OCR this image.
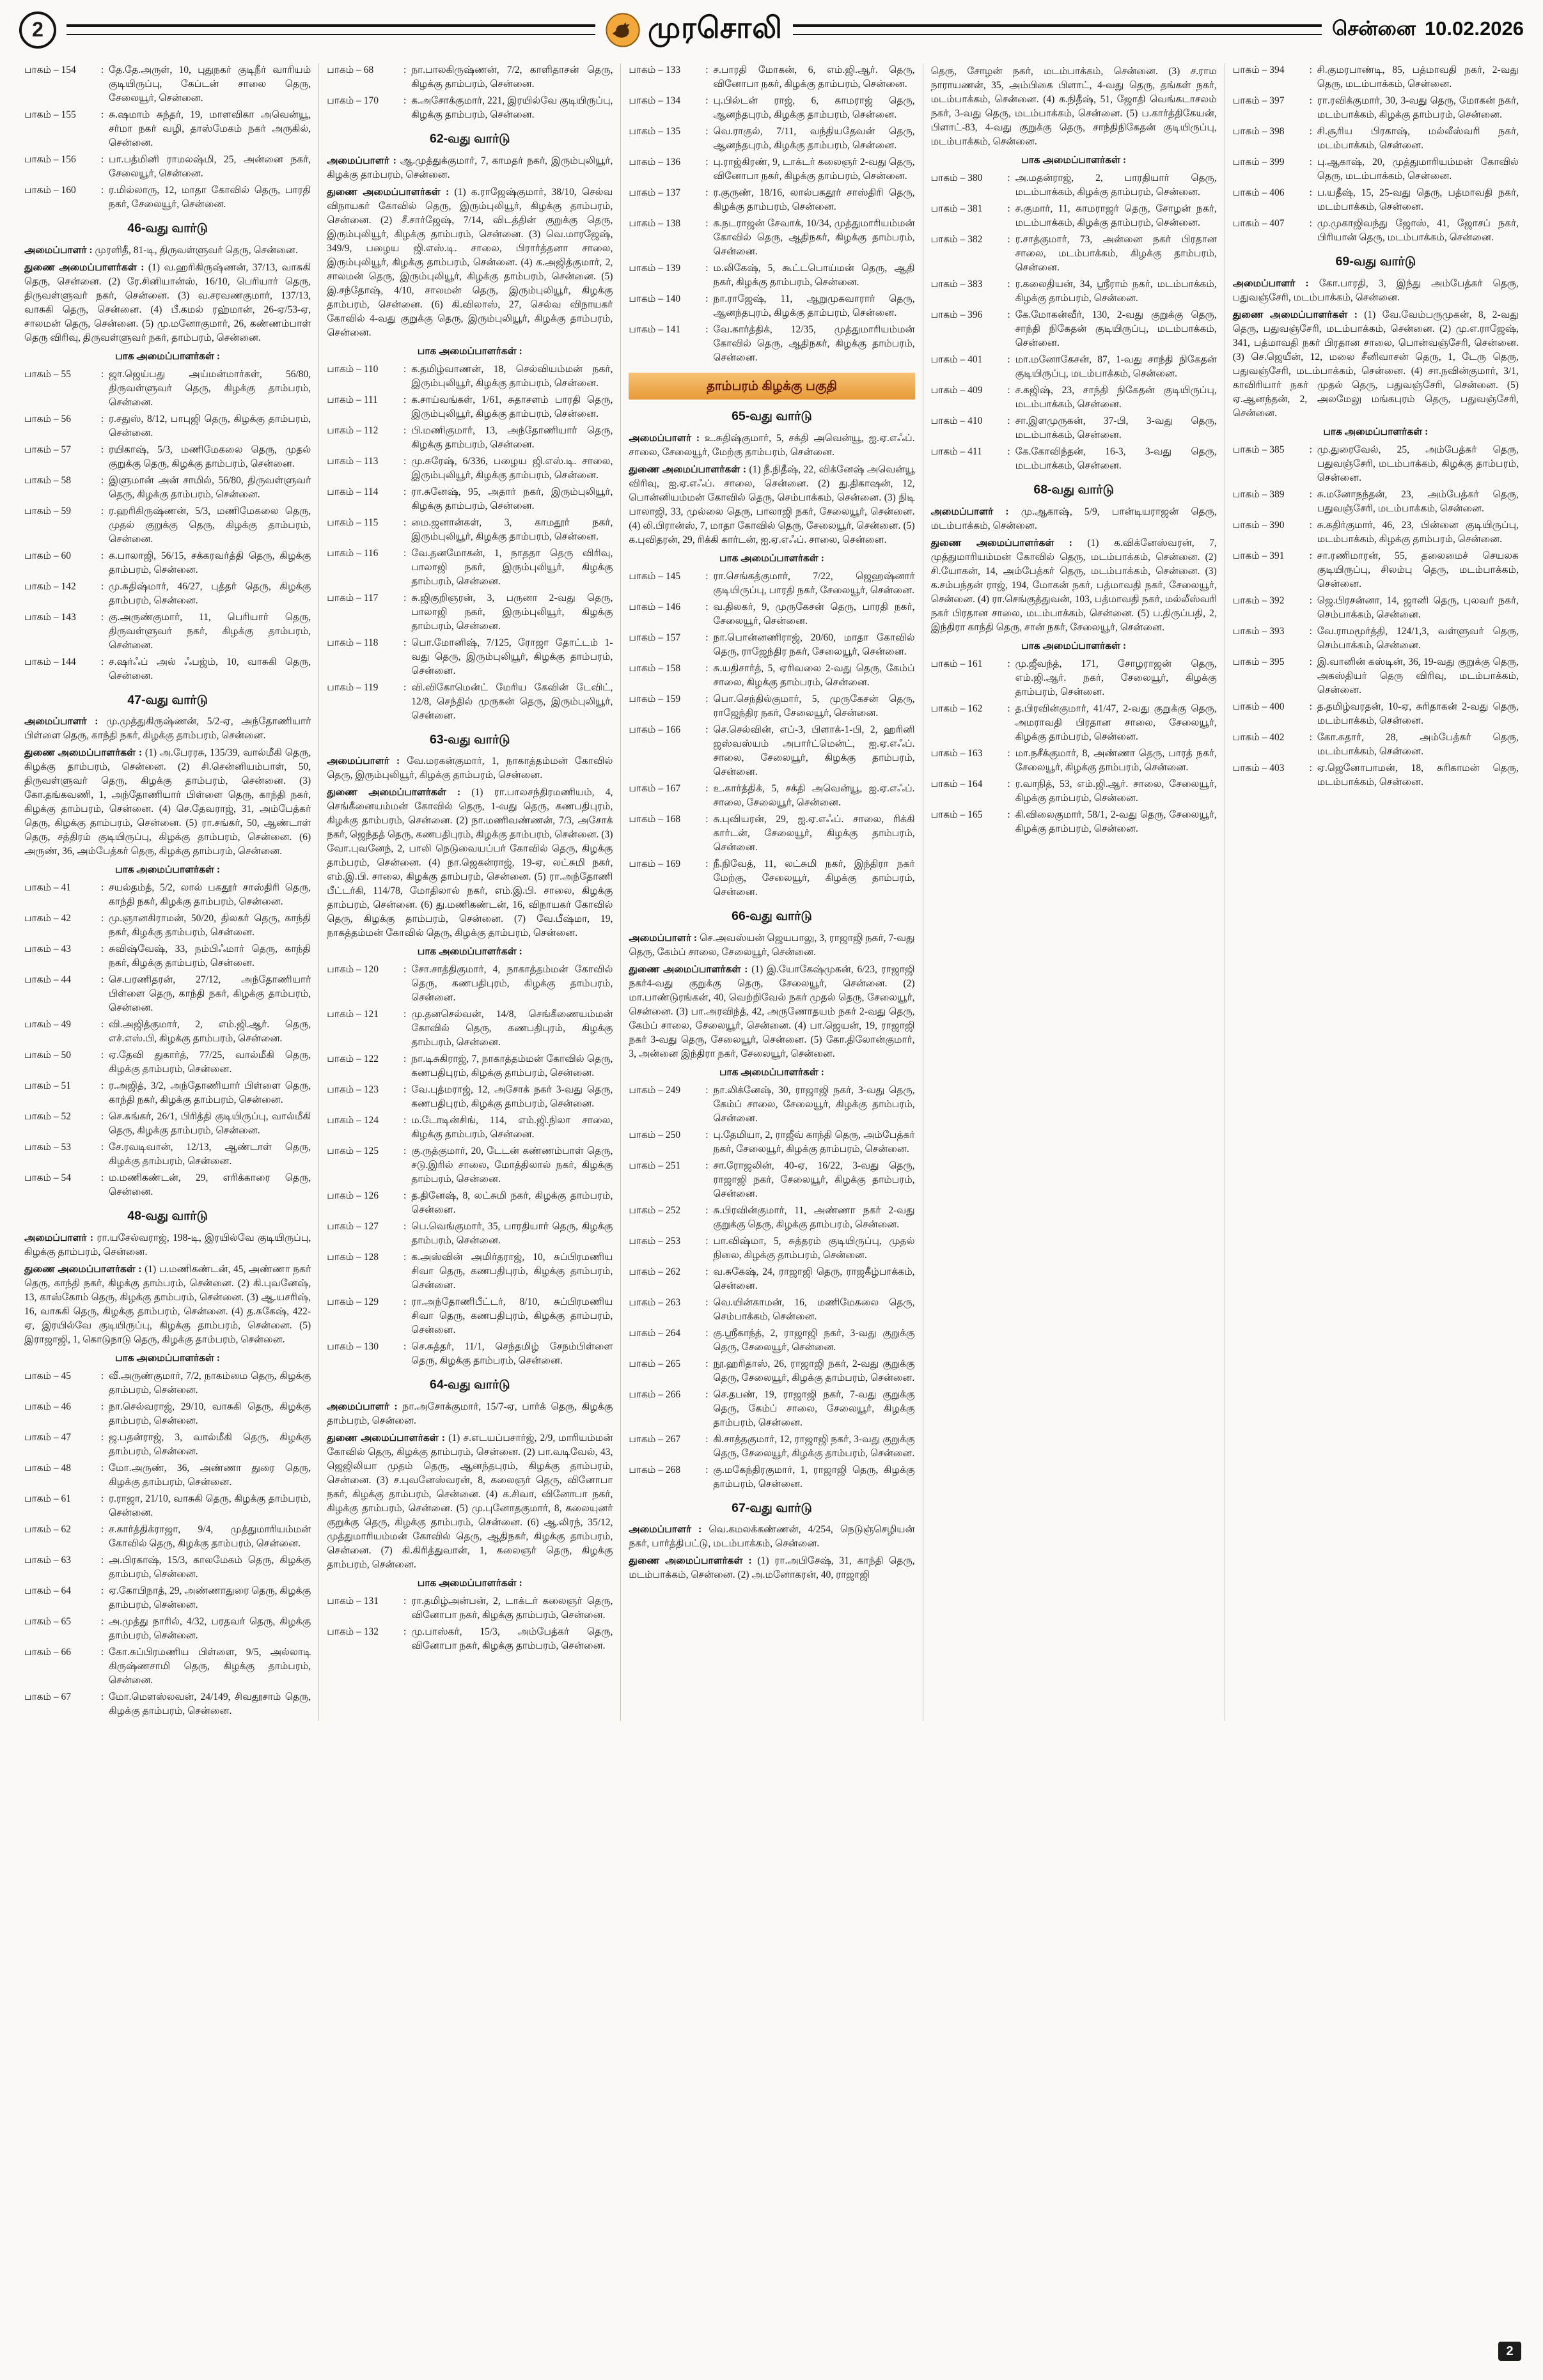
2	முரசொலி	சென்னை 10.02.2026
பாகம் – 154	: தே.தே.அருள், 10, புதுநகர் குடிநீர் வாரியம் குடியிருப்பு, கேப்டன் சாலை தெரு, சேலையூர், சென்னை.
பாகம் – 155	: சு.ஷமாம் சுந்தர், 19, மாளவிகா அவென்யூ, சர்மா நகர் வழி, தாஸ்மேகம் நகர் அருகில், சென்னை.
பாகம் – 156	: பா.பத்மினி ராமலஷ்மி, 25, அன்னை நகர், சேலையூர், சென்னை.
பாகம் – 160	: ர.மில்லாரு, 12, மாதா கோவில் தெரு, பாரதி நகர், சேலையூர், சென்னை.
46-வது வார்டு
அமைப்பாளர் : முரளிதீ, 81-டி, திருவள்ளுவர் தெரு, சென்னை.
துணை அமைப்பாளர்கள் : (1) வ.ஹரிகிருஷ்ணன், 37/13, வாசுகி தெரு, சென்னை. (2) ரே.சினியான்ஸ், 16/10, பெரியார் தெரு, திருவள்ளுவர் நகர், சென்னை. (3) வ.சரவணகுமார், 137/13, வாசுகி தெரு, சென்னை. (4) பீ.கமல் ரஹ்மான், 26-ஏ/53-ஏ, சாலமன் தெரு, சென்னை. (5) மு.மனோகுமார், 26, கண்ணம்பாள் தெரு விரிவு, திருவள்ளுவர் நகர், தாம்பரம், சென்னை.
பாக அமைப்பாளர்கள் :
பாகம் – 55	: ஜா.ஜெய்பது அய்மன்மார்கள், 56/80, திருவள்ளுவர் தெரு, கிழக்கு தாம்பரம், சென்னை.
பாகம் – 56	: ர.சதுஸ், 8/12, பாபுஜி தெரு, கிழக்கு தாம்பரம், சென்னை.
பாகம் – 57	: ரயிகாஷ், 5/3, மணிமேகலை தெரு, முதல் குறுக்கு தெரு, கிழக்கு தாம்பரம், சென்னை.
பாகம் – 58	: இளுமான் அன் சாமில், 56/80, திருவள்ளுவர் தெரு, கிழக்கு தாம்பரம், சென்னை.
பாகம் – 59	: ர.ஹரிகிருஷ்ணன், 5/3, மணிமேகலை தெரு, முதல் குறுக்கு தெரு, கிழக்கு தாம்பரம், சென்னை.
பாகம் – 60	: க.பாலாஜி, 56/15, சக்கரவர்த்தி தெரு, கிழக்கு தாம்பரம், சென்னை.
பாகம் – 142	: மு.சுதிஷ்மார், 46/27, புத்தர் தெரு, கிழக்கு தாம்பரம், சென்னை.
பாகம் – 143	: கு.அருண்குமார், 11, பெரியார் தெரு, திருவள்ளுவர் நகர், கிழக்கு தாம்பரம், சென்னை.
பாகம் – 144	: ச.ஷர்ஃப் அல் ஃபஜ்ம், 10, வாசுகி தெரு, சென்னை.
47-வது வார்டு
அமைப்பாளர் : மு.முத்துகிருஷ்ணன், 5/2-ஏ, அந்தோணியார் பிள்ளை தெரு, காந்தி நகர், கிழக்கு தாம்பரம், சென்னை.
துணை அமைப்பாளர்கள் : (1) அ.பேரரசு, 135/39, வால்மீகி தெரு, கிழக்கு தாம்பரம், சென்னை. (2) சி.சென்னியம்பாள், 50, திருவள்ளுவர் தெரு, கிழக்கு தாம்பரம், சென்னை. (3) கோ.தங்கவணி, 1, அந்தோணியார் பிள்ளை தெரு, காந்தி நகர், கிழக்கு தாம்பரம், சென்னை. (4) செ.தேவராஜ், 31, அம்பேத்கர் தெரு, கிழக்கு தாம்பரம், சென்னை. (5) ரா.சங்கர், 50, ஆண்டாள் தெரு, சத்திரம் குடியிருப்பு, கிழக்கு தாம்பரம், சென்னை. (6) அருண், 36, அம்பேத்கர் தெரு, கிழக்கு தாம்பரம், சென்னை.
பாக அமைப்பாளர்கள் :
பாகம் – 41	: சயல்தம்த், 5/2, லால் பகதூர் சாஸ்திரி தெரு, காந்தி நகர், கிழக்கு தாம்பரம், சென்னை.
பாகம் – 42	: மு.ஞானகிராமன், 50/20, திலகர் தெரு, காந்தி நகர், கிழக்கு தாம்பரம், சென்னை.
பாகம் – 43	: சுவிஷ்வேஷ், 33, நம்பிஃமார் தெரு, காந்தி நகர், கிழக்கு தாம்பரம், சென்னை.
பாகம் – 44	: செ.பரணிதரன், 27/12, அந்தோணியார் பிள்ளை தெரு, காந்தி நகர், கிழக்கு தாம்பரம், சென்னை.
பாகம் – 49	: வி.அஜித்குமார், 2, எம்.ஜி.ஆர். தெரு, எச்.எஸ்.பி, கிழக்கு தாம்பரம், சென்னை.
பாகம் – 50	: ஏ.தேவி துகார்த், 77/25, வால்மீகி தெரு, கிழக்கு தாம்பரம், சென்னை.
பாகம் – 51	: ர.அஜித், 3/2, அந்தோணியார் பிள்ளை தெரு, காந்தி நகர், கிழக்கு தாம்பரம், சென்னை.
பாகம் – 52	: செ.சுங்கர், 26/1, பிரித்தி குடியிருப்பு, வால்மீகி தெரு, கிழக்கு தாம்பரம், சென்னை.
பாகம் – 53	: சே.ரவடிவான், 12/13, ஆண்டாள் தெரு, கிழக்கு தாம்பரம், சென்னை.
பாகம் – 54	: ம.மணிகண்டன், 29, எரிக்காரை தெரு, சென்னை.
48-வது வார்டு
அமைப்பாளர் : ரா.யசேல்வராஜ், 198-டி, இரயில்வே குடியிருப்பு, கிழக்கு தாம்பரம், சென்னை.
துணை அமைப்பாளர்கள் : (1) ப.மணிகண்டன், 45, அண்ணா நகர் தெரு, காந்தி நகர், கிழக்கு தாம்பரம், சென்னை. (2) கி.புவனேஷ், 13, காஸ்கோம் தெரு, கிழக்கு தாம்பரம், சென்னை. (3) ஆ.யசரிஷ், 16, வாசுகி தெரு, கிழக்கு தாம்பரம், சென்னை. (4) த.சுகேஷ், 422-ஏ, இரயில்வே குடியிருப்பு, கிழக்கு தாம்பரம், சென்னை. (5) இராஜாஜி, 1, கொடுநாடு தெரு, கிழக்கு தாம்பரம், சென்னை.
பாக அமைப்பாளர்கள் :
பாகம் – 45	: வீ.அருண்குமார், 7/2, நாகம்மை தெரு, கிழக்கு தாம்பரம், சென்னை.
பாகம் – 46	: நா.செல்வராஜ், 29/10, வாசுகி தெரு, கிழக்கு தாம்பரம், சென்னை.
பாகம் – 47	: ஜ.பதன்ராஜ், 3, வால்மீகி தெரு, கிழக்கு தாம்பரம், சென்னை.
பாகம் – 48	: மோ.அருண், 36, அண்ணா துரை தெரு, கிழக்கு தாம்பரம், சென்னை.
பாகம் – 61	: ர.ராஜா, 21/10, வாசுகி தெரு, கிழக்கு தாம்பரம், சென்னை.
பாகம் – 62	: ச.கார்த்திக்ராஜா, 9/4, முத்துமாரியம்மன் கோவில் தெரு, கிழக்கு தாம்பரம், சென்னை.
பாகம் – 63	: அ.பிரகாஷ், 15/3, காலமேகம் தெரு, கிழக்கு தாம்பரம், சென்னை.
பாகம் – 64	: ஏ.கோபிநாத், 29, அண்ணாதுரை தெரு, கிழக்கு தாம்பரம், சென்னை.
பாகம் – 65	: அ.முத்து நாரில், 4/32, பரதவர் தெரு, கிழக்கு தாம்பரம், சென்னை.
பாகம் – 66	: கோ.சுப்பிரமணிய பிள்ளை, 9/5, அல்லாடி கிருஷ்ணசாமி தெரு, கிழக்கு தாம்பரம், சென்னை.
பாகம் – 67	: மோ.மௌஸ்லவன், 24/149, சிவதூசாம் தெரு, கிழக்கு தாம்பரம், சென்னை.
பாகம் – 68	: நா.பாலகிருஷ்ணன், 7/2, காளிதாசன் தெரு, கிழக்கு தாம்பரம், சென்னை.
பாகம் – 170	: க.அசோக்குமார், 221, இரயில்வே குடியிருப்பு, கிழக்கு தாம்பரம், சென்னை.
62-வது வார்டு
அமைப்பாளர் : ஆ.முத்துக்குமார், 7, காமதர் நகர், இரும்புலியூர், கிழக்கு தாம்பரம், சென்னை.
துணை அமைப்பாளர்கள் : (1) க.ராஜேஷ்குமார், 38/10, செல்வ விநாயகர் கோவில் தெரு, இரும்புலியூர், கிழக்கு தாம்பரம், சென்னை. (2) சீ.சார்ஜேஷ், 7/14, விடத்தின் குறுக்கு தெரு, இரும்புலியூர், கிழக்கு தாம்பரம், சென்னை. (3) வெ.மாரஜேஷ், 349/9, பழைய ஜி.எஸ்.டி. சாலை, பிரார்த்தனா சாலை, இரும்புலியூர், கிழக்கு தாம்பரம், சென்னை. (4) க.அஜித்குமார், 2, சாலமன் தெரு, இரும்புலியூர், கிழக்கு தாம்பரம், சென்னை. (5) இ.சந்தோஷ், 4/10, சாலமன் தெரு, இரும்புலியூர், கிழக்கு தாம்பரம், சென்னை. (6) கி.விலாஸ், 27, செல்வ விநாயகர் கோவில் 4-வது குறுக்கு தெரு, இரும்புலியூர், கிழக்கு தாம்பரம், சென்னை.
பாக அமைப்பாளர்கள் :
பாகம் – 110	: க.தமிழ்வாணன், 18, செல்வியம்மன் நகர், இரும்புலியூர், கிழக்கு தாம்பரம், சென்னை.
பாகம் – 111	: க.சாய்வங்கள், 1/61, சுதாசளம் பாரதி தெரு, இரும்புலியூர், கிழக்கு தாம்பரம், சென்னை.
பாகம் – 112	: பி.மணிகுமார், 13, அந்தோணியார் தெரு, கிழக்கு தாம்பரம், சென்னை.
பாகம் – 113	: மு.சுரேஷ், 6/336, பழைய ஜி.எஸ்.டி. சாலை, இரும்புலியூர், கிழக்கு தாம்பரம், சென்னை.
பாகம் – 114	: ரா.சுனேஷ், 95, அதார் நகர், இரும்புலியூர், கிழக்கு தாம்பரம், சென்னை.
பாகம் – 115	: மை.ஜனான்கள், 3, காமதூர் நகர், இரும்புலியூர், கிழக்கு தாம்பரம், சென்னை.
பாகம் – 116	: வே.தனமோகன், 1, நாததா தெரு விரிவு, பாலாஜி நகர், இரும்புலியூர், கிழக்கு தாம்பரம், சென்னை.
பாகம் – 117	: சு.ஜிகுறிஞரன், 3, பருனா 2-வது தெரு, பாலாஜி நகர், இரும்புலியூர், கிழக்கு தாம்பரம், சென்னை.
பாகம் – 118	: பொ.மோனிஷ், 7/125, ரோஜா தோட்டம் 1-வது தெரு, இரும்புலியூர், கிழக்கு தாம்பரம், சென்னை.
பாகம் – 119	: வி.விகோமென்ட் மேரிய கேவின் டேவிட், 12/8, செந்தில் முருகன் தெரு, இரும்புலியூர், சென்னை.
63-வது வார்டு
அமைப்பாளர் : வே.மரகன்குமார், 1, நாகாத்தம்மன் கோவில் தெரு, இரும்புலியூர், கிழக்கு தாம்பரம், சென்னை.
துணை அமைப்பாளர்கள் : (1) ரா.பாலசந்திரமணியம், 4, செங்கீனையம்மன் கோவில் தெரு, 1-வது தெரு, கணபதிபுரம், கிழக்கு தாம்பரம், சென்னை. (2) நா.மணிவண்ணன், 7/3, அசோக் நகர், ஜெந்தத் தெரு, கணபதிபுரம், கிழக்கு தாம்பரம், சென்னை. (3) வோ.புவனேந், 2, பாலி நெடுவையப்பர் கோவில் தெரு, கிழக்கு தாம்பரம், சென்னை. (4) நா.ஜெகன்ராஜ், 19-ஏ, லட்சுமி நகர், எம்.இ.பி. சாலை, கிழக்கு தாம்பரம், சென்னை. (5) ரா.அந்தோணி பீட்டர்கி, 114/78, மோதிலால் நகர், எம்.இ.பி. சாலை, கிழக்கு தாம்பரம், சென்னை. (6) து.மணிகண்டன், 16, விநாயகர் கோவில் தெரு, கிழக்கு தாம்பரம், சென்னை. (7) வே.பீஷ்மா, 19, நாகத்தம்மன் கோவில் தெரு, கிழக்கு தாம்பரம், சென்னை.
பாக அமைப்பாளர்கள் :
பாகம் – 120	: சோ.சாத்திகுமார், 4, நாகாத்தம்மன் கோவில் தெரு, கணபதிபுரம், கிழக்கு தாம்பரம், சென்னை.
பாகம் – 121	: மு.தனசெல்வன், 14/8, செங்கீணையம்மன் கோவில் தெரு, கணபதிபுரம், கிழக்கு தாம்பரம், சென்னை.
பாகம் – 122	: நா.டிசுகிராஜ், 7, நாகாத்தம்மன் கோவில் தெரு, கணபதிபுரம், கிழக்கு தாம்பரம், சென்னை.
பாகம் – 123	: வே.புத்மராஜ், 12, அசோக் நகர் 3-வது தெரு, கணபதிபுரம், கிழக்கு தாம்பரம், சென்னை.
பாகம் – 124	: ம.டோடின்சிங், 114, எம்.ஜி.நிலா சாலை, கிழக்கு தாம்பரம், சென்னை.
பாகம் – 125	: கு.ருத்குமார், 20, டேடன் கண்ணம்பாள் தெரு, சடு.இரில் சாலை, மோத்திலால் நகர், கிழக்கு தாம்பரம், சென்னை.
பாகம் – 126	: த.தினேஷ், 8, லட்சுமி நகர், கிழக்கு தாம்பரம், சென்னை.
பாகம் – 127	: பெ.வெங்குமார், 35, பாரதியார் தெரு, கிழக்கு தாம்பரம், சென்னை.
பாகம் – 128	: க.அஸ்வின் அமிர்தராஜ், 10, சுப்பிரமணிய சிவா தெரு, கணபதிபுரம், கிழக்கு தாம்பரம், சென்னை.
பாகம் – 129	: ரா.அந்தோணிபீட்டர், 8/10, சுப்பிரமணிய சிவா தெரு, கணபதிபுரம், கிழக்கு தாம்பரம், சென்னை.
பாகம் – 130	: செ.சுத்தர், 11/1, செந்தமிழ் சேநம்பிள்ளை தெரு, கிழக்கு தாம்பரம், சென்னை.
64-வது வார்டு
அமைப்பாளர் : நா.அசோக்குமார், 15/7-ஏ, பார்க் தெரு, கிழக்கு தாம்பரம், சென்னை.
துணை அமைப்பாளர்கள் : (1) ச.எடயப்பசார்ஜ், 2/9, மாரியம்மன் கோவில் தெரு, கிழக்கு தாம்பரம், சென்னை. (2) பா.வடிவேல், 43, ஜெஜிலியா முதம் தெரு, ஆனந்தபுரம், கிழக்கு தாம்பரம், சென்னை. (3) ச.புவனேஸ்வரன், 8, கலைஞர் தெரு, வினோபா நகர், கிழக்கு தாம்பரம், சென்னை. (4) க.சிவா, வினோபா நகர், கிழக்கு தாம்பரம், சென்னை. (5) மு.புனோதகுமார், 8, கலையுனர் குறுக்கு தெரு, கிழக்கு தாம்பரம், சென்னை. (6) ஆ.லிரந், 35/12, முத்துமாரியம்மன் கோவில் தெரு, ஆதிநகர், கிழக்கு தாம்பரம், சென்னை. (7) கி.கிரித்துவான், 1, கலைஞர் தெரு, கிழக்கு தாம்பரம், சென்னை.
பாக அமைப்பாளர்கள் :
பாகம் – 131	: ரா.தமிழ்அன்பன், 2, டாக்டர் கலைஞர் தெரு, வினோபா நகர், கிழக்கு தாம்பரம், சென்னை.
பாகம் – 132	: மு.பாஸ்கர், 15/3, அம்பேத்கர் தெரு, வினோபா நகர், கிழக்கு தாம்பரம், சென்னை.
பாகம் – 133	: ச.பாரதி மோகன், 6, எம்.ஜி.ஆர். தெரு, வினோபா நகர், கிழக்கு தாம்பரம், சென்னை.
பாகம் – 134	: பு.பில்டன் ராஜ், 6, காமராஜ் தெரு, ஆனந்தபுரம், கிழக்கு தாம்பரம், சென்னை.
பாகம் – 135	: வெ.ராகுல், 7/11, வந்தியதேவன் தெரு, ஆனந்தபுரம், கிழக்கு தாம்பரம், சென்னை.
பாகம் – 136	: பு.ராஜ்கிரண், 9, டாக்டர் கலைஞர் 2-வது தெரு, வினோபா நகர், கிழக்கு தாம்பரம், சென்னை.
பாகம் – 137	: ர.குருண், 18/16, லால்பகதூர் சாஸ்திரி தெரு, கிழக்கு தாம்பரம், சென்னை.
பாகம் – 138	: க.நடராஜன் சேவாக், 10/34, முத்துமாரியம்மன் கோவில் தெரு, ஆதிநகர், கிழக்கு தாம்பரம், சென்னை.
பாகம் – 139	: ம.லிகேஷ், 5, கூட்டபொய்மன் தெரு, ஆதி நகர், கிழக்கு தாம்பரம், சென்னை.
பாகம் – 140	: நா.ராஜேஷ், 11, ஆறுமுகவாரார் தெரு, ஆனந்தபுரம், கிழக்கு தாம்பரம், சென்னை.
பாகம் – 141	: வே.கார்த்திக், 12/35, முத்துமாரியம்மன் கோவில் தெரு, ஆதிநகர், கிழக்கு தாம்பரம், சென்னை.
தாம்பரம் கிழக்கு பகுதி
65-வது வார்டு
அமைப்பாளர் : உ.சுதிஷ்குமார், 5, சக்தி அவென்யூ, ஐ.ஏ.எஃப். சாலை, சேலையூர், மேற்கு தாம்பரம், சென்னை.
துணை அமைப்பாளர்கள் : (1) நீ.நிதீஷ், 22, விக்னேஷ் அவென்யூ விரிவு, ஐ.ஏ.எஃப். சாலை, சென்னை. (2) து.திகாஷன், 12, பொன்னியம்மன் கோவில் தெரு, செம்பாக்கம், சென்னை. (3) நிடி பாலாஜி, 33, முல்லை தெரு, பாலாஜி நகர், சேலையூர், சென்னை. (4) லி.பிரான்ஸ், 7, மாதா கோவில் தெரு, சேலையூர், சென்னை. (5) க.புவிதரன், 29, ரிக்கி கார்டன், ஐ.ஏ.எஃப். சாலை, சென்னை.
பாக அமைப்பாளர்கள் :
பாகம் – 145	: ரா.செங்கத்குமார், 7/22, ஜெஹஷ்னார் குடியிருப்பு, பாரதி நகர், சேலையூர், சென்னை.
பாகம் – 146	: வ.திலகர், 9, முருகேசன் தெரு, பாரதி நகர், சேலையூர், சென்னை.
பாகம் – 157	: நா.பொன்னணிராஜ், 20/60, மாதா கோவில் தெரு, ராஜேந்திர நகர், சேலையூர், சென்னை.
பாகம் – 158	: சு.யதிசார்த், 5, ஏரிவலை 2-வது தெரு, கேம்ப் சாலை, கிழக்கு தாம்பரம், சென்னை.
பாகம் – 159	: பொ.செந்தில்குமார், 5, முருகேசன் தெரு, ராஜேந்திர நகர், சேலையூர், சென்னை.
பாகம் – 166	: செ.செல்வின், எப்-3, பிளாக்-1-பி, 2, ஹரினி ஜஸ்வஸ்யம் அபார்ட்மென்ட், ஐ.ஏ.எஃப். சாலை, சேலையூர், கிழக்கு தாம்பரம், சென்னை.
பாகம் – 167	: உ.கார்த்திக், 5, சக்தி அவென்யூ, ஐ.ஏ.எஃப். சாலை, சேலையூர், சென்னை.
பாகம் – 168	: சு.புவியரன், 29, ஐ.ஏ.எஃப். சாலை, ரிக்கி கார்டன், சேலையூர், கிழக்கு தாம்பரம், சென்னை.
பாகம் – 169	: நீ.நிவேத், 11, லட்சுமி நகர், இந்திரா நகர் மேற்கு, சேலையூர், கிழக்கு தாம்பரம், சென்னை.
66-வது வார்டு
அமைப்பாளர் : செ.அவஸ்யன் ஜெயபாலு, 3, ராஜாஜி நகர், 7-வது தெரு, கேம்ப் சாலை, சேலையூர், சென்னை.
துணை அமைப்பாளர்கள் : (1) இ.யோகேஷ்முகன், 6/23, ராஜாஜி நகர்4-வது குறுக்கு தெரு, சேலையூர், சென்னை. (2) மா.பாண்டுரங்கன், 40, வெற்றிவேல் நகர் முதல் தெரு, சேலையூர், சென்னை. (3) பா.அரவிந்த், 42, அருணோதயம் நகர் 2-வது தெரு, கேம்ப் சாலை, சேலையூர், சென்னை. (4) பா.ஜெயன், 19, ராஜாஜி நகர் 3-வது தெரு, சேலையூர், சென்னை. (5) கோ.திலோன்குமார், 3, அன்னை இந்திரா நகர், சேலையூர், சென்னை.
பாக அமைப்பாளர்கள் :
பாகம் – 249	: நா.லிக்னேஷ், 30, ராஜாஜி நகர், 3-வது தெரு, கேம்ப் சாலை, சேலையூர், கிழக்கு தாம்பரம், சென்னை.
பாகம் – 250	: பு.தேமியா, 2, ராஜீவ் காந்தி தெரு, அம்பேத்கர் நகர், சேலையூர், கிழக்கு தாம்பரம், சென்னை.
பாகம் – 251	: சா.ரோஜலின், 40-ஏ, 16/22, 3-வது தெரு, ராஜாஜி நகர், சேலையூர், கிழக்கு தாம்பரம், சென்னை.
பாகம் – 252	: சு.பிரவின்குமார், 11, அண்ணா நகர் 2-வது குறுக்கு தெரு, கிழக்கு தாம்பரம், சென்னை.
பாகம் – 253	: பா.விஷ்மா, 5, சுத்தரம் குடியிருப்பு, முதல் நிலை, கிழக்கு தாம்பரம், சென்னை.
பாகம் – 262	: வ.சுகேஷ், 24, ராஜாஜி தெரு, ராஜகீழ்பாக்கம், சென்னை.
பாகம் – 263	: வெ.யின்காமன், 16, மணிமேகலை தெரு, செம்பாக்கம், சென்னை.
பாகம் – 264	: கு.ஸ்ரீகாந்த், 2, ராஜாஜி நகர், 3-வது குறுக்கு தெரு, சேலையூர், சென்னை.
பாகம் – 265	: நூ.ஹரிதாஸ், 26, ராஜாஜி நகர், 2-வது குறுக்கு தெரு, சேலையூர், கிழக்கு தாம்பரம், சென்னை.
பாகம் – 266	: செ.தபண், 19, ராஜாஜி நகர், 7-வது குறுக்கு தெரு, கேம்ப் சாலை, சேலையூர், கிழக்கு தாம்பரம், சென்னை.
பாகம் – 267	: கி.சாத்தகுமார், 12, ராஜாஜி நகர், 3-வது குறுக்கு தெரு, சேலையூர், கிழக்கு தாம்பரம், சென்னை.
பாகம் – 268	: கு.மகேந்திரகுமார், 1, ராஜாஜி தெரு, கிழக்கு தாம்பரம், சென்னை.
67-வது வார்டு
அமைப்பாளர் : வெ.கமலக்கண்ணன், 4/254, நெடுஞ்செழியன் நகர், பார்த்திபட்டு, மடம்பாக்கம், சென்னை.
துணை அமைப்பாளர்கள் : (1) ரா.அபிசேஷ், 31, காந்தி தெரு, மடம்பாக்கம், சென்னை. (2) அ.மனோகரன், 40, ராஜாஜி
தெரு, சோழன் நகர், மடம்பாக்கம், சென்னை. (3) ச.ராம நாராயணன், 35, அம்பிகை பிளாட், 4-வது தெரு, தங்கள் நகர், மடம்பாக்கம், சென்னை. (4) க.நிதீஷ், 51, ஜோதி வெங்கடாசலம் நகர், 3-வது தெரு, மடம்பாக்கம், சென்னை. (5) ப.கார்த்திகேயன், பிளாட்-83, 4-வது குறுக்கு தெரு, சாந்திநிகேதன் குடியிருப்பு, மடம்பாக்கம், சென்னை.
பாக அமைப்பாளர்கள் :
பாகம் – 380	: அ.மதன்ராஜ், 2, பாரதியார் தெரு, மடம்பாக்கம், கிழக்கு தாம்பரம், சென்னை.
பாகம் – 381	: ச.குமார், 11, காமராஜர் தெரு, சோழன் நகர், மடம்பாக்கம், கிழக்கு தாம்பரம், சென்னை.
பாகம் – 382	: ர.சாத்குமார், 73, அன்னை நகர் பிரதான சாலை, மடம்பாக்கம், கிழக்கு தாம்பரம், சென்னை.
பாகம் – 383	: ர.கலைதியன், 34, ஸ்ரீராம் நகர், மடம்பாக்கம், கிழக்கு தாம்பரம், சென்னை.
பாகம் – 396	: கே.மோகன்வீர், 130, 2-வது குறுக்கு தெரு, சாந்தி நிகேதன் குடியிருப்பு, மடம்பாக்கம், சென்னை.
பாகம் – 401	: மா.மனோகேசன், 87, 1-வது சாந்தி நிகேதன் குடியிருப்பு, மடம்பாக்கம், சென்னை.
பாகம் – 409	: ச.கஜிஷ், 23, சாந்தி நிகேதன் குடியிருப்பு, மடம்பாக்கம், சென்னை.
பாகம் – 410	: சா.இளமுருகன், 37-பி, 3-வது தெரு, மடம்பாக்கம், சென்னை.
பாகம் – 411	: கே.கோவிந்தன், 16-3, 3-வது தெரு, மடம்பாக்கம், சென்னை.
68-வது வார்டு
அமைப்பாளர் : மு.ஆகாஷ், 5/9, பான்டியராஜன் தெரு, மடம்பாக்கம், சென்னை.
துணை அமைப்பாளர்கள் : (1) க.விக்னேஸ்வரன், 7, முத்துமாரியம்மன் கோவில் தெரு, மடம்பாக்கம், சென்னை. (2) சி.யோகன், 14, அம்பேத்கர் தெரு, மடம்பாக்கம், சென்னை. (3) க.சம்பந்தன் ராஜ், 194, மோகன் நகர், பத்மாவதி நகர், சேலையூர், சென்னை. (4) ரா.செங்குத்துவன், 103, பத்மாவதி நகர், மல்லீஸ்வரி நகர் பிரதான சாலை, மடம்பாக்கம், சென்னை. (5) ப.திருப்பதி, 2, இந்திரா காந்தி தெரு, சான் நகர், சேலையூர், சென்னை.
பாக அமைப்பாளர்கள் :
பாகம் – 161	: மு.ஜீவந்த், 171, சோழராஜன் தெரு, எம்.ஜி.ஆர். நகர், சேலையூர், கிழக்கு தாம்பரம், சென்னை.
பாகம் – 162	: த.பிரவின்குமார், 41/47, 2-வது குறுக்கு தெரு, அமராவதி பிரதான சாலை, சேலையூர், கிழக்கு தாம்பரம், சென்னை.
பாகம் – 163	: மா.நசீக்குமார், 8, அண்ணா தெரு, பாரத் நகர், சேலையூர், கிழக்கு தாம்பரம், சென்னை.
பாகம் – 164	: ர.வாநித், 53, எம்.ஜி.ஆர். சாலை, சேலையூர், கிழக்கு தாம்பரம், சென்னை.
பாகம் – 165	: கி.விலைகுமார், 58/1, 2-வது தெரு, சேலையூர், கிழக்கு தாம்பரம், சென்னை.
பாகம் – 394	: சி.குமரபாண்டி, 85, பத்மாவதி நகர், 2-வது தெரு, மடம்பாக்கம், சென்னை.
பாகம் – 397	: ரா.ரவிக்குமார், 30, 3-வது தெரு, மோகன் நகர், மடம்பாக்கம், கிழக்கு தாம்பரம், சென்னை.
பாகம் – 398	: சி.சூரிய பிரகாஷ், மல்லீஸ்வரி நகர், மடம்பாக்கம், சென்னை.
பாகம் – 399	: பு.ஆகாஷ், 20, முத்துமாரியம்மன் கோவில் தெரு, மடம்பாக்கம், சென்னை.
பாகம் – 406	: ப.யதீஷ், 15, 25-வது தெரு, பத்மாவதி நகர், மடம்பாக்கம், சென்னை.
பாகம் – 407	: மு.முகாஜிவந்து ஜோஸ், 41, ஜோசப் நகர், பிரியான் தெரு, மடம்பாக்கம், சென்னை.
69-வது வார்டு
அமைப்பாளர் : கோ.பாரதி, 3, இந்து அம்பேத்கர் தெரு, பதுவஞ்சேரி, மடம்பாக்கம், சென்னை.
துணை அமைப்பாளர்கள் : (1) வே.வேம்பருமுகன், 8, 2-வது தெரு, பதுவஞ்சேரி, மடம்பாக்கம், சென்னை. (2) மு.எ.ராஜேஷ், 341, பத்மாவதி நகர் பிரதான சாலை, பொன்வஞ்சேரி, சென்னை. (3) செ.ஜெயீன், 12, மலை சீனிவாசன் தெரு, 1, டேரு தெரு, பதுவஞ்சேரி, மடம்பாக்கம், சென்னை. (4) சா.நவின்குமார், 3/1, காவிரியார் நகர் முதல் தெரு, பதுவஞ்சேரி, சென்னை. (5) ஏ.ஆனந்தன், 2, அலமேலு மங்கபுரம் தெரு, பதுவஞ்சேரி, சென்னை.
பாக அமைப்பாளர்கள் :
பாகம் – 385	: மு.துரைவேல், 25, அம்பேத்கர் தெரு, பதுவஞ்சேரி, மடம்பாக்கம், கிழக்கு தாம்பரம், சென்னை.
பாகம் – 389	: சு.மனோநந்தன், 23, அம்பேத்கர் தெரு, பதுவஞ்சேரி, மடம்பாக்கம், சென்னை.
பாகம் – 390	: சு.கதிர்குமார், 46, 23, பின்னை குடியிருப்பு, மடம்பாக்கம், கிழக்கு தாம்பரம், சென்னை.
பாகம் – 391	: சா.ரணிமாரன், 55, தலைமைச் செயலக குடியிருப்பு, சிலம்பு தெரு, மடம்பாக்கம், சென்னை.
பாகம் – 392	: ஜெ.பிரசன்னா, 14, ஜானி தெரு, புலவர் நகர், செம்பாக்கம், சென்னை.
பாகம் – 393	: வே.ராமமூர்த்தி, 124/1,3, வள்ளுவர் தெரு, செம்பாக்கம், சென்னை.
பாகம் – 395	: இ.வானின் கஸ்டின், 36, 19-வது குறுக்கு தெரு, அகஸ்தியர் தெரு விரிவு, மடம்பாக்கம், சென்னை.
பாகம் – 400	: த.தமிழ்வரதன், 10-ஏ, சுரிதாகன் 2-வது தெரு, மடம்பாக்கம், சென்னை.
பாகம் – 402	: கோ.சுதார், 28, அம்பேத்கர் தெரு, மடம்பாக்கம், சென்னை.
பாகம் – 403	: ஏ.ஜெனோபாமன், 18, சுரிகாமன் தெரு, மடம்பாக்கம், சென்னை.
2
